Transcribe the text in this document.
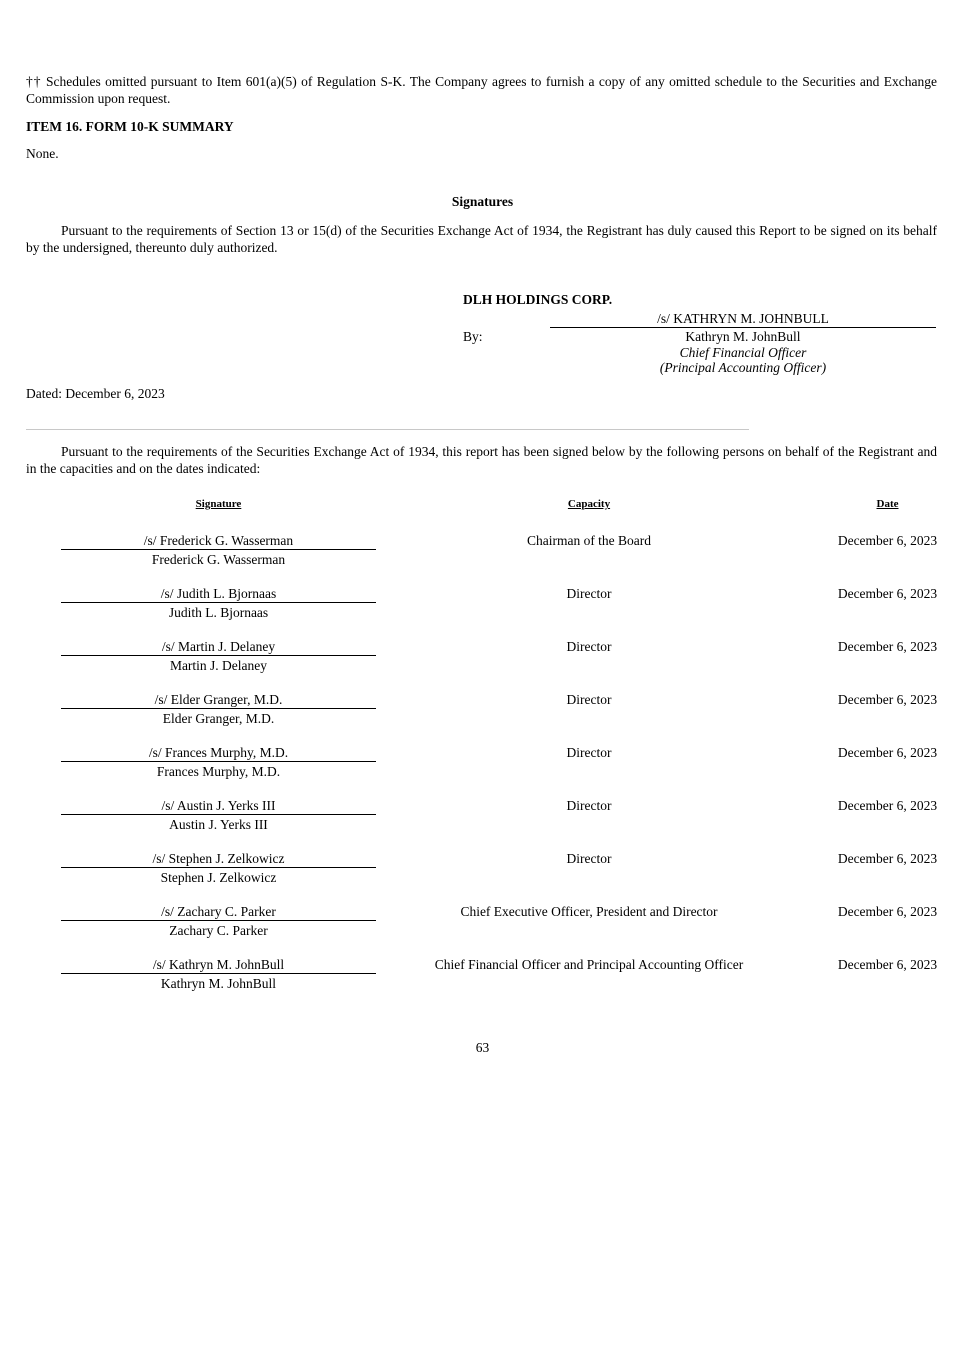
†† Schedules omitted pursuant to Item 601(a)(5) of Regulation S-K. The Company agrees to furnish a copy of any omitted schedule to the Securities and Exchange Commission upon request.
ITEM 16. FORM 10-K SUMMARY
None.
Signatures
Pursuant to the requirements of Section 13 or 15(d) of the Securities Exchange Act of 1934, the Registrant has duly caused this Report to be signed on its behalf by the undersigned, thereunto duly authorized.
DLH HOLDINGS CORP.
/s/ KATHRYN M. JOHNBULL
By:	Kathryn M. JohnBull
Chief Financial Officer
(Principal Accounting Officer)
Dated: December 6, 2023
Pursuant to the requirements of the Securities Exchange Act of 1934, this report has been signed below by the following persons on behalf of the Registrant and in the capacities and on the dates indicated:
Signature	Capacity	Date
/s/ Frederick G. Wasserman
Frederick G. Wasserman
Chairman of the Board	December 6, 2023
/s/ Judith L. Bjornaas
Judith L. Bjornaas
Director	December 6, 2023
/s/ Martin J. Delaney
Martin J. Delaney
Director	December 6, 2023
/s/ Elder Granger, M.D.
Elder Granger, M.D.
Director	December 6, 2023
/s/ Frances Murphy, M.D.
Frances Murphy, M.D.
Director	December 6, 2023
/s/ Austin J. Yerks III
Austin J. Yerks III
Director	December 6, 2023
/s/ Stephen J. Zelkowicz
Stephen J. Zelkowicz
Director	December 6, 2023
/s/ Zachary C. Parker
Zachary C. Parker
Chief Executive Officer, President and Director	December 6, 2023
/s/ Kathryn M. JohnBull
Kathryn M. JohnBull
Chief Financial Officer and Principal Accounting Officer	December 6, 2023
63
